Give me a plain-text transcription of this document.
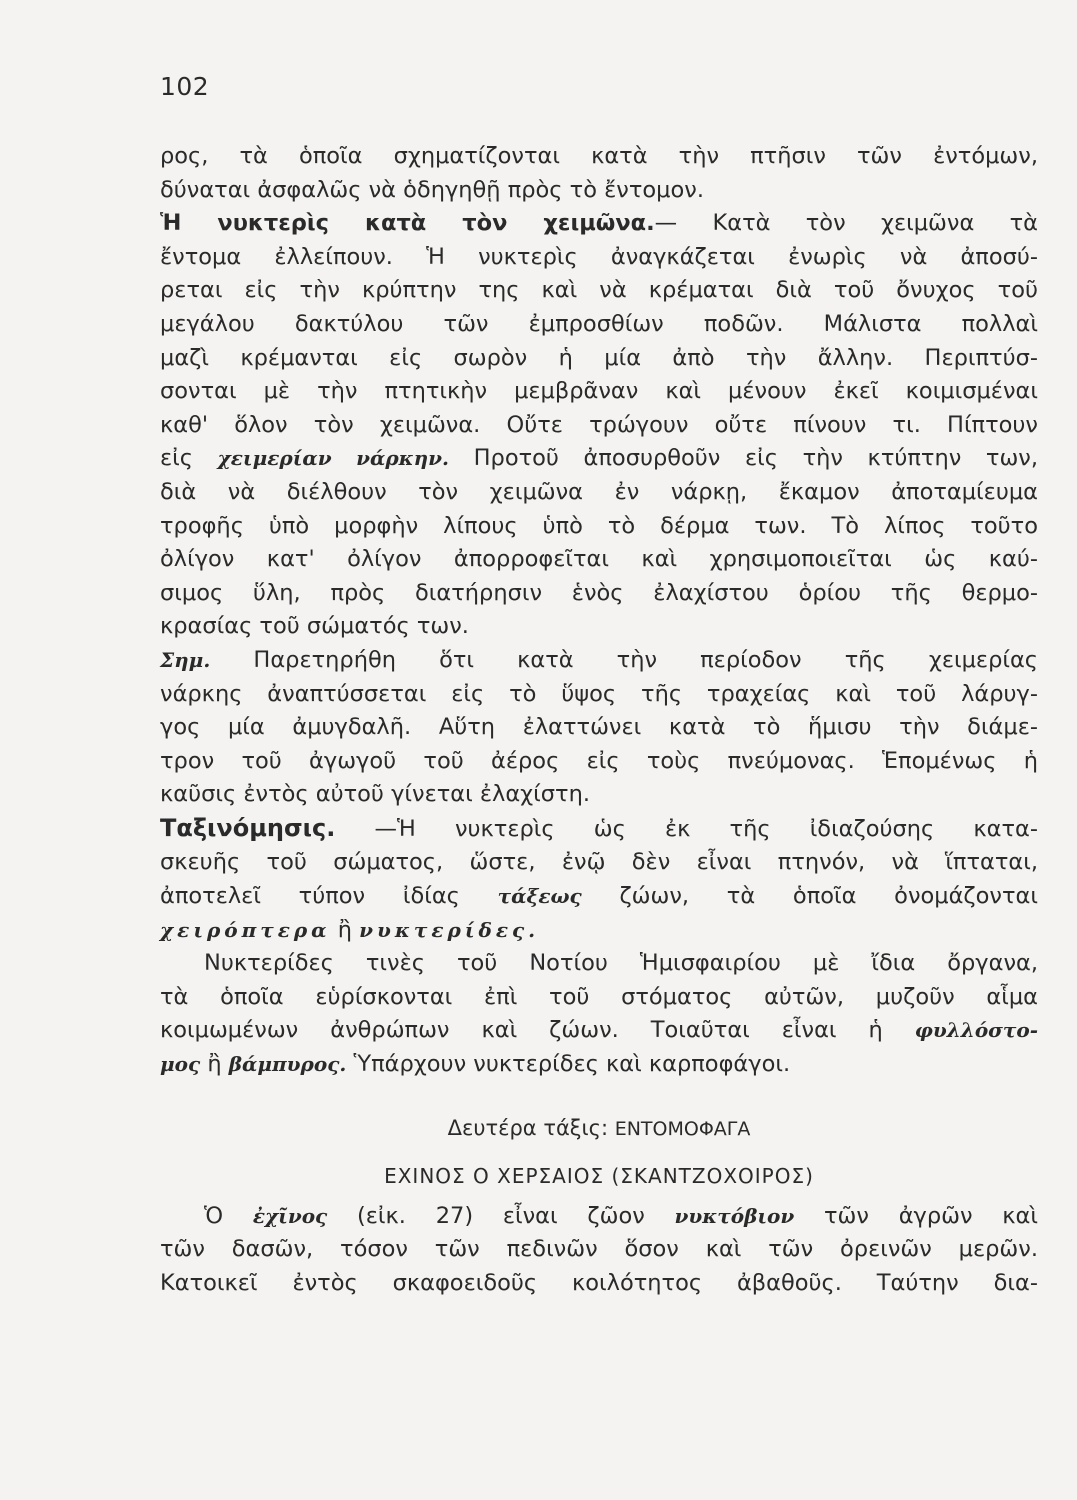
102
ρος, τὰ ὁποῖα σχηματίζονται κατὰ τὴν πτῆσιν τῶν ἐντόμων,
δύναται ἀσφαλῶς νὰ ὁδηγηθῇ πρὸς τὸ ἔντομον.
Ἡ νυκτερὶς κατὰ τὸν χειμῶνα.— Κατὰ τὸν χειμῶνα τὰ
ἔντομα ἐλλείπουν. Ἡ νυκτερὶς ἀναγκάζεται ἐνωρὶς νὰ ἀποσύ-
ρεται εἰς τὴν κρύπτην της καὶ νὰ κρέμαται διὰ τοῦ ὄνυχος τοῦ
μεγάλου δακτύλου τῶν ἐμπροσθίων ποδῶν. Μάλιστα πολλαὶ
μαζὶ κρέμανται εἰς σωρὸν ἡ μία ἀπὸ τὴν ἄλλην. Περιπτύσ-
σονται μὲ τὴν πτητικὴν μεμβρᾶναν καὶ μένουν ἐκεῖ κοιμισμέναι
καθ' ὅλον τὸν χειμῶνα. Οὔτε τρώγουν οὔτε πίνουν τι. Πίπτουν
εἰς χειμερίαν νάρκην. Προτοῦ ἀποσυρθοῦν εἰς τὴν κτύπτην των,
διὰ νὰ διέλθουν τὸν χειμῶνα ἐν νάρκῃ, ἔκαμον ἀποταμίευμα
τροφῆς ὑπὸ μορφὴν λίπους ὑπὸ τὸ δέρμα των. Τὸ λίπος τοῦτο
ὀλίγον κατ' ὀλίγον ἀπορροφεῖται καὶ χρησιμοποιεῖται ὡς καύ-
σιμος ὕλη, πρὸς διατήρησιν ἑνὸς ἐλαχίστου ὁρίου τῆς θερμο-
κρασίας τοῦ σώματός των.
Σημ. Παρετηρήθη ὅτι κατὰ τὴν περίοδον τῆς χειμερίας
νάρκης ἀναπτύσσεται εἰς τὸ ὕψος τῆς τραχείας καὶ τοῦ λάρυγ-
γος μία ἀμυγδαλῆ. Αὕτη ἐλαττώνει κατὰ τὸ ἥμισυ τὴν διάμε-
τρον τοῦ ἀγωγοῦ τοῦ ἀέρος εἰς τοὺς πνεύμονας. Ἑπομένως ἡ
καῦσις ἐντὸς αὐτοῦ γίνεται ἐλαχίστη.
Ταξινόμησις. —Ἡ νυκτερὶς ὡς ἐκ τῆς ἰδιαζούσης κατα-
σκευῆς τοῦ σώματος, ὥστε, ἐνῷ δὲν εἶναι πτηνόν, νὰ ἵπταται,
ἀποτελεῖ τύπον ἰδίας τάξεως ζώων, τὰ ὁποῖα ὀνομάζονται
χειρόπτερα ἢ νυκτερίδες.
Νυκτερίδες τινὲς τοῦ Νοτίου Ἡμισφαιρίου μὲ ἴδια ὄργανα,
τὰ ὁποῖα εὑρίσκονται ἐπὶ τοῦ στόματος αὐτῶν, μυζοῦν αἷμα
κοιμωμένων ἀνθρώπων καὶ ζώων. Τοιαῦται εἶναι ἡ φυλλόστο-
μος ἢ βάμπυρος. Ὑπάρχουν νυκτερίδες καὶ καρποφάγοι.
Δευτέρα τάξις: ΕΝΤΟΜΟΦΑΓΑ
ΕΧΙΝΟΣ Ο ΧΕΡΣΑΙΟΣ (ΣΚΑΝΤΖΟΧΟΙΡΟΣ)
Ὁ ἐχῖνος (εἰκ. 27) εἶναι ζῶον νυκτόβιον τῶν ἀγρῶν καὶ
τῶν δασῶν, τόσον τῶν πεδινῶν ὅσον καὶ τῶν ὀρεινῶν μερῶν.
Κατοικεῖ ἐντὸς σκαφοειδοῦς κοιλότητος ἀβαθοῦς. Ταύτην δια-
